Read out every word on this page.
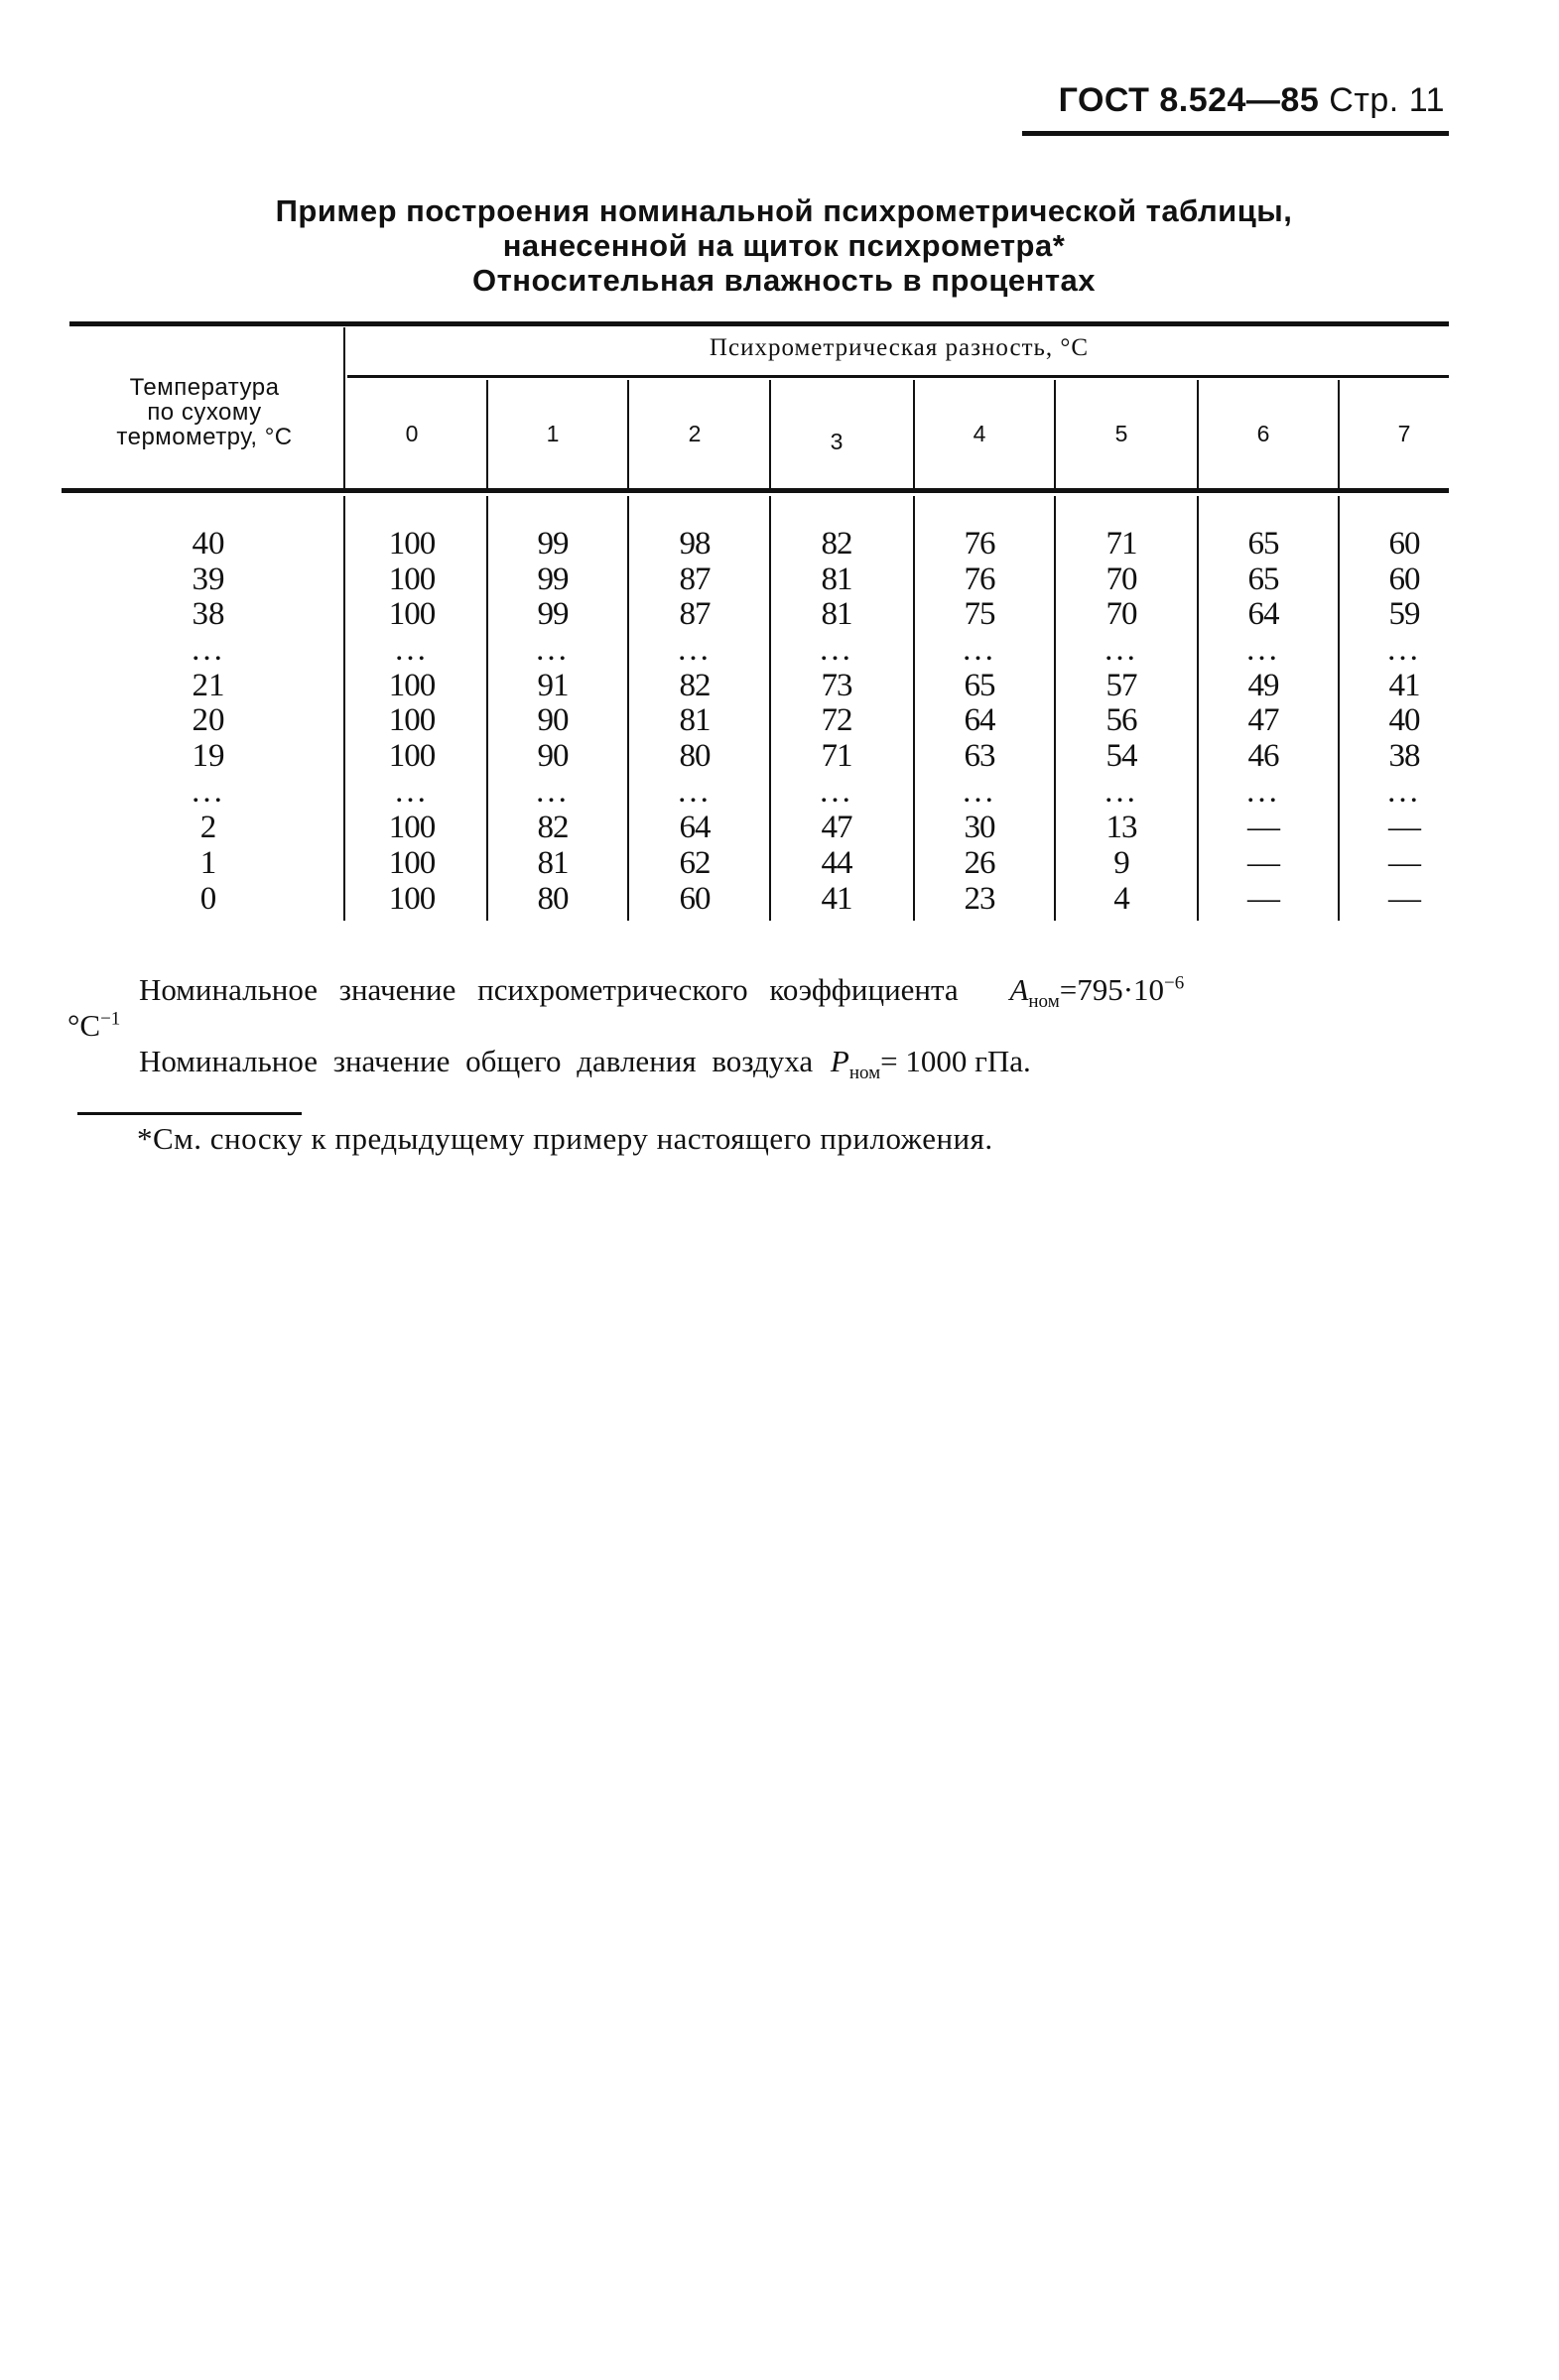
ГОСТ 8.524—85 Стр. 11
Пример построения номинальной психрометрической таблицы,
нанесенной на щиток психрометра*
Относительная влажность в процентах
Температура
по сухому
термометру, °С
Психрометрическая разность, °С
0	1	2	3	4	5	6	7
40	100	99	98	82	76	71	65	60
39	100	99	87	81	76	70	65	60
38	100	99	87	81	75	70	64	59
...	...	...	...	...	...	...	...	...
21	100	91	82	73	65	57	49	41
20	100	90	81	72	64	56	47	40
19	100	90	80	71	63	54	46	38
...	...	...	...	...	...	...	...	...
2	100	82	64	47	30	13	—	—
1	100	81	62	44	26	9	—	—
0	100	80	60	41	23	4	—	—
Номинальное значение психрометрического коэффициента $A_{ном}=795\cdot 10^{-6}$
$^\circ С^{-1}$
Номинальное значение общего давления воздуха $P_{ном}= 1000$ гПа.
*См. сноску к предыдущему примеру настоящего приложения.
